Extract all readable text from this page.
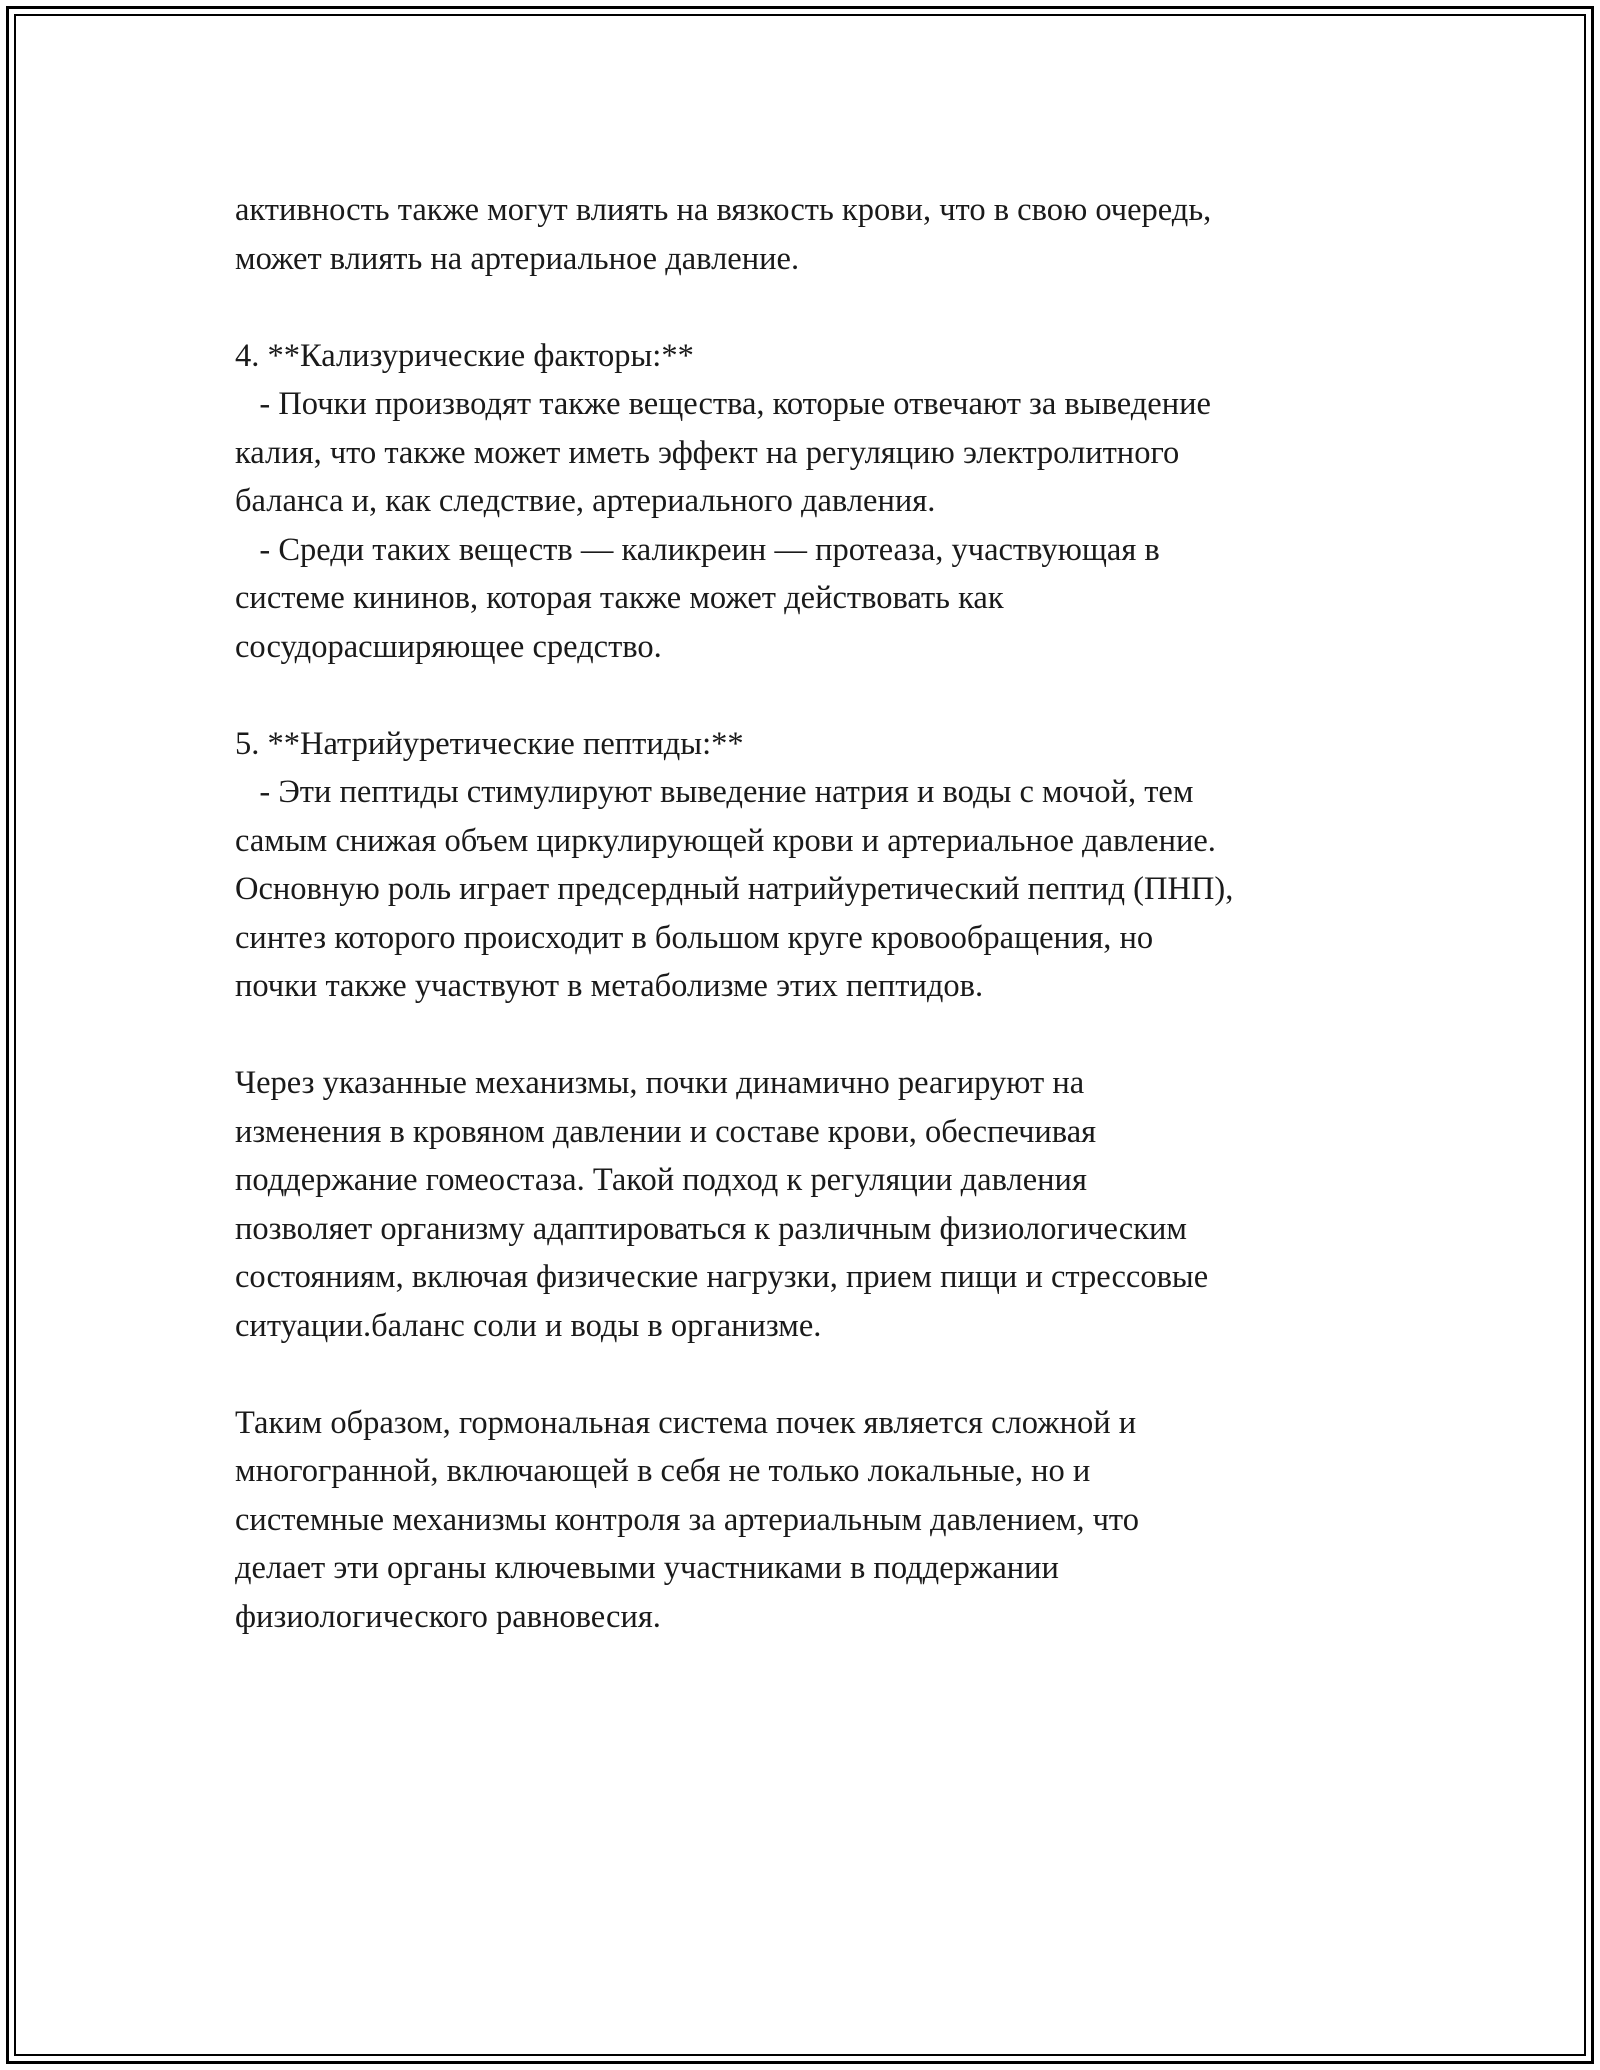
активность также могут влиять на вязкость крови, что в свою очередь,
может влиять на артериальное давление.
4. **Кализурические факторы:**
- Почки производят также вещества, которые отвечают за выведение
калия, что также может иметь эффект на регуляцию электролитного
баланса и, как следствие, артериального давления.
- Среди таких веществ — каликреин — протеаза, участвующая в
системе кининов, которая также может действовать как
сосудорасширяющее средство.
5. **Натрийуретические пептиды:**
- Эти пептиды стимулируют выведение натрия и воды с мочой, тем
самым снижая объем циркулирующей крови и артериальное давление.
Основную роль играет предсердный натрийуретический пептид (ПНП),
синтез которого происходит в большом круге кровообращения, но
почки также участвуют в метаболизме этих пептидов.
Через указанные механизмы, почки динамично реагируют на
изменения в кровяном давлении и составе крови, обеспечивая
поддержание гомеостаза. Такой подход к регуляции давления
позволяет организму адаптироваться к различным физиологическим
состояниям, включая физические нагрузки, прием пищи и стрессовые
ситуации.баланс соли и воды в организме.
Таким образом, гормональная система почек является сложной и
многогранной, включающей в себя не только локальные, но и
системные механизмы контроля за артериальным давлением, что
делает эти органы ключевыми участниками в поддержании
физиологического равновесия.
